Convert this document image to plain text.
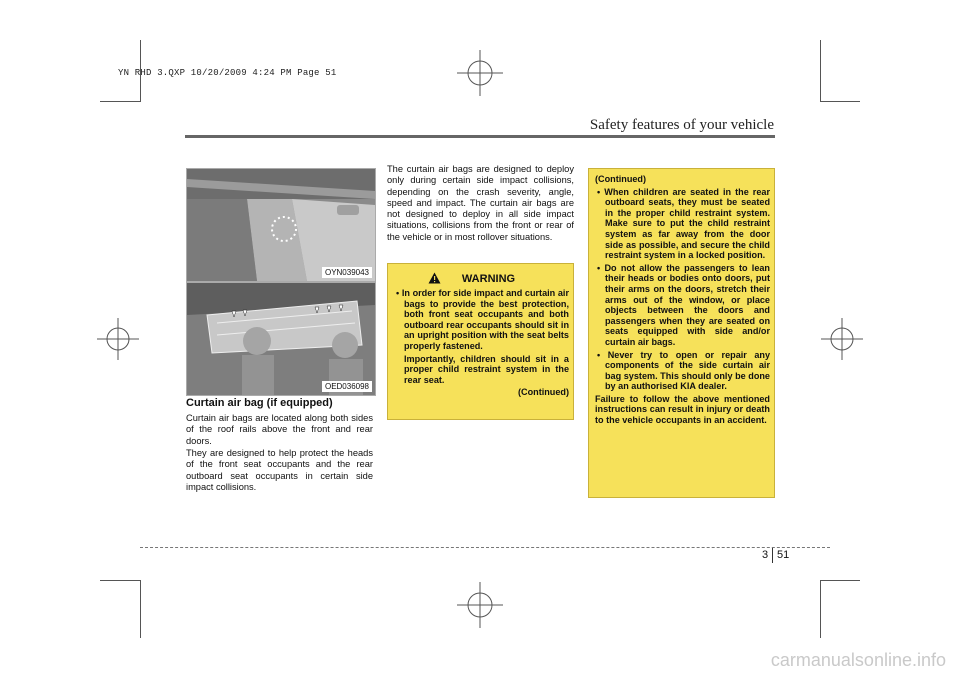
YN RHD 3.QXP 10/20/2009 4:24 PM Page 51
Safety features of your vehicle
OYN039043
OED036098
Curtain air bag (if equipped)

Curtain air bags are located along both sides of the roof rails above the front and rear doors.

They are designed to help protect the heads of the front seat occupants and the rear outboard seat occupants in certain side impact collisions.

The curtain air bags are designed to deploy only during certain side impact collisions, depending on the crash severity, angle, speed and impact. The curtain air bags are not designed to deploy in all side impact situations, collisions from the front or rear of the vehicle or in most rollover situations.

WARNING

• In order for side impact and curtain air bags to provide the best protection, both front seat occupants and both outboard rear occupants should sit in an upright position with the seat belts properly fastened.

Importantly, children should sit in a proper child restraint system in the rear seat.

(Continued)

(Continued)

• When children are seated in the rear outboard seats, they must be seated in the proper child restraint system. Make sure to put the child restraint system as far away from the door side as possible, and secure the child restraint system in a locked position.

• Do not allow the passengers to lean their heads or bodies onto doors, put their arms on the doors, stretch their arms out of the window, or place objects between the doors and passengers when they are seated on seats equipped with side and/or curtain air bags.

• Never try to open or repair any components of the side curtain air bag system. This should only be done by an authorised KIA dealer.

Failure to follow the above mentioned instructions can result in injury or death to the vehicle occupants in an accident.

3 51
carmanualsonline.info
